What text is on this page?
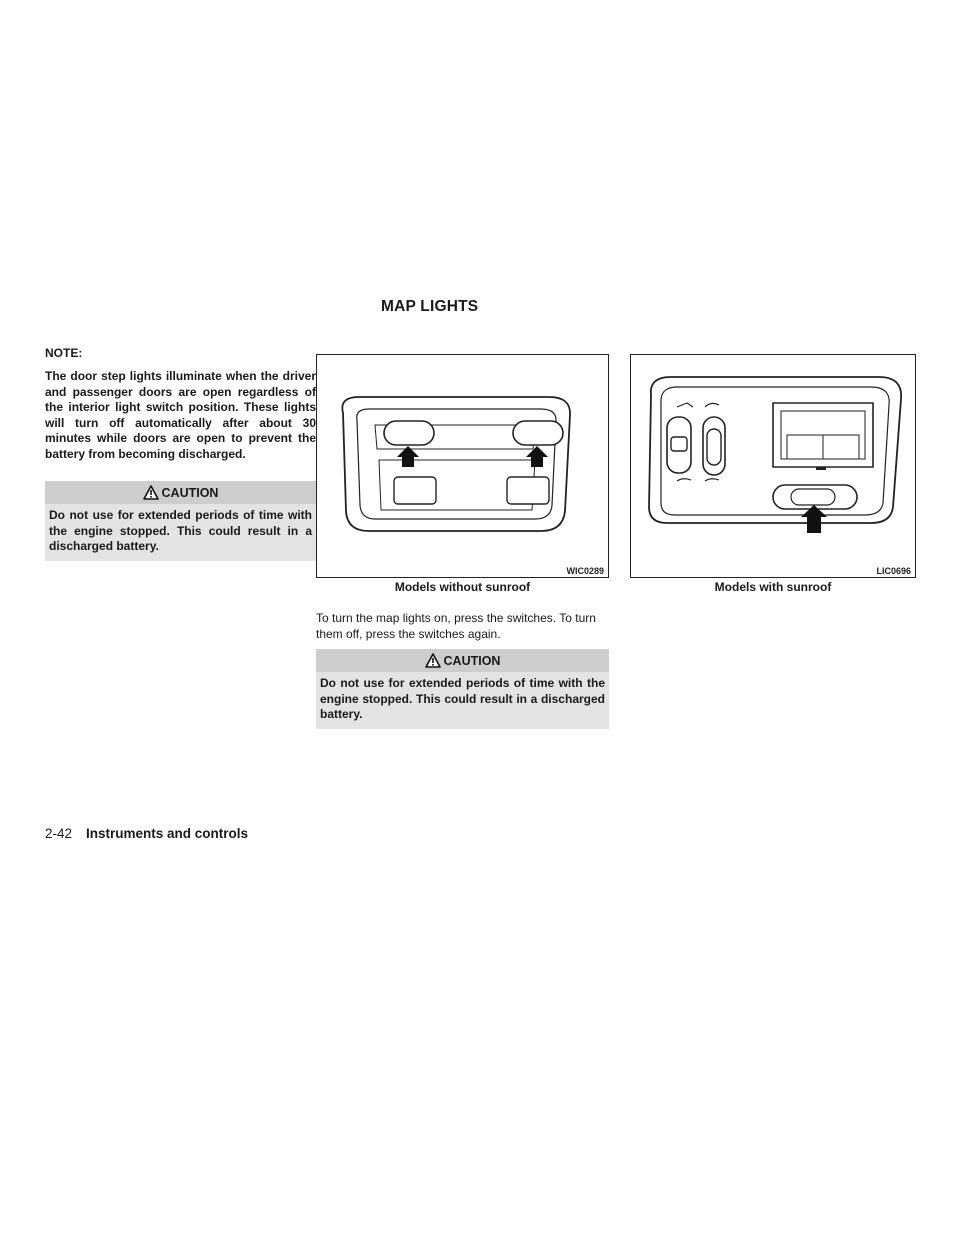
MAP LIGHTS

NOTE:

The door step lights illuminate when the driver and passenger doors are open regardless of the interior light switch position. These lights will turn off automatically after about 30 minutes while doors are open to prevent the battery from becoming discharged.

CAUTION
Do not use for extended periods of time with the engine stopped. This could result in a discharged battery.
WIC0289
Models without sunroof
LIC0696
Models with sunroof

To turn the map lights on, press the switches. To turn them off, press the switches again.

CAUTION
Do not use for extended periods of time with the engine stopped. This could result in a discharged battery.
2-42 Instruments and controls
